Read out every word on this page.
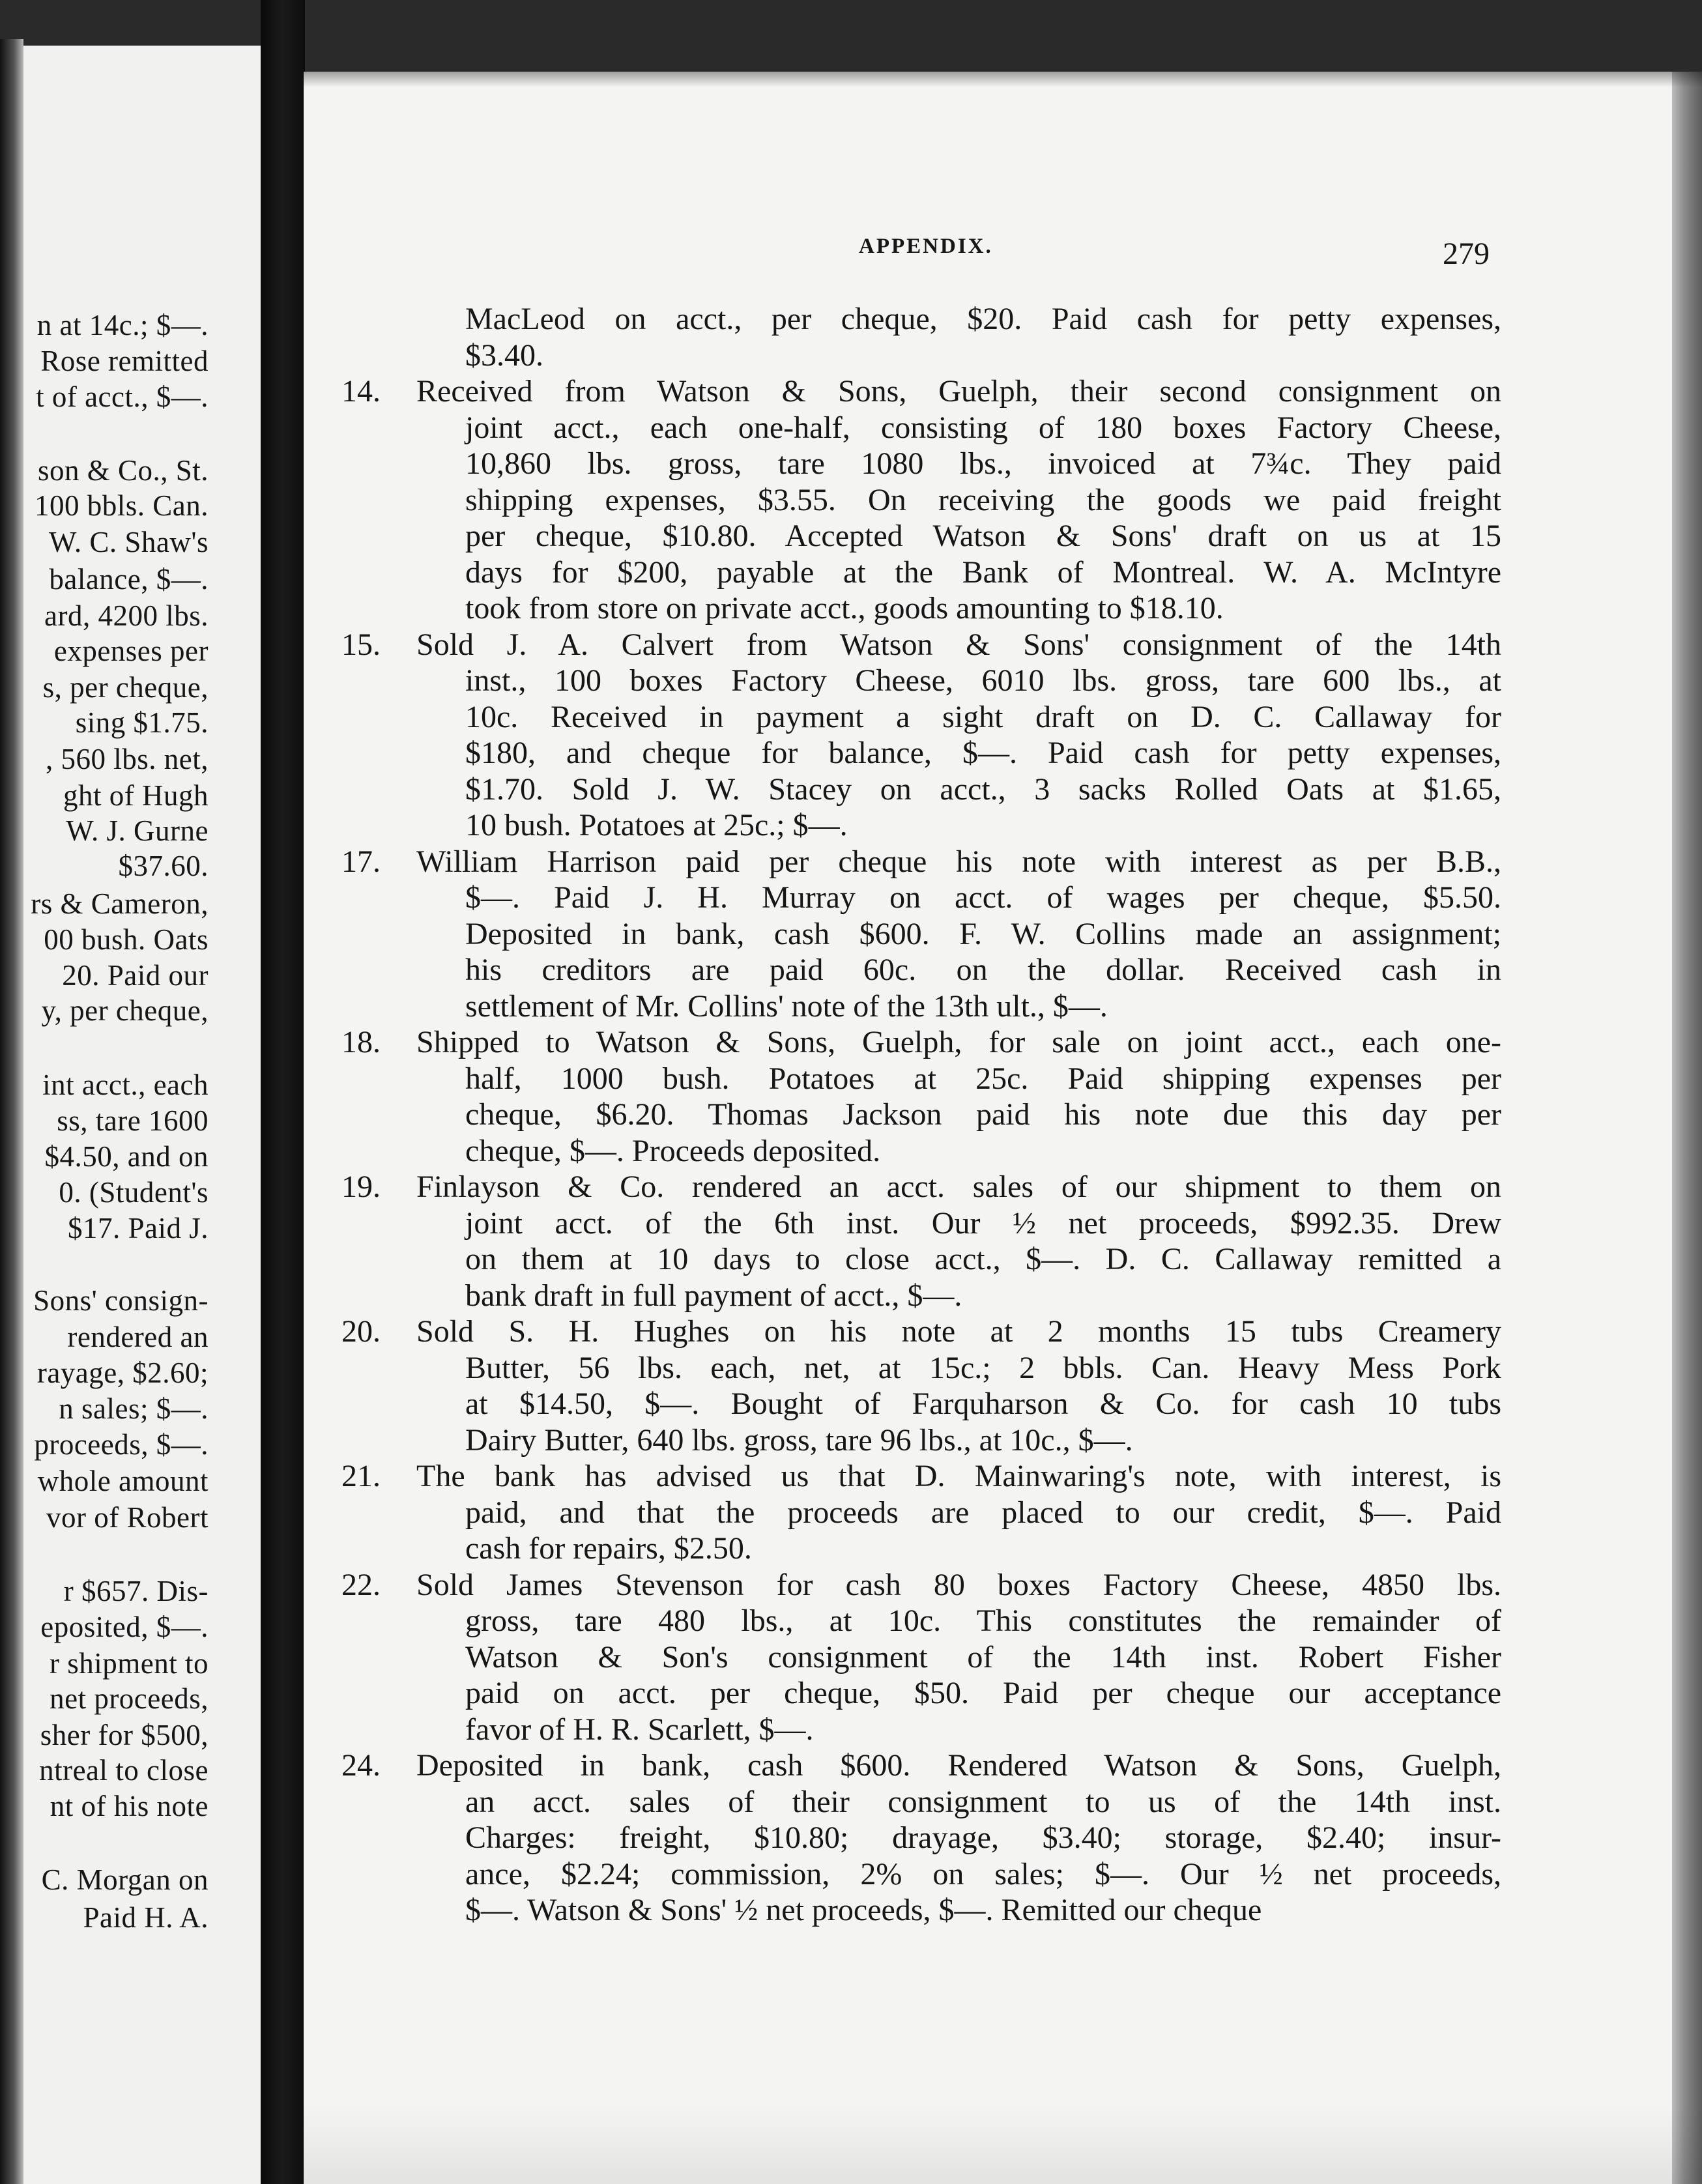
n at 14c.; $—.
Rose remitted
t of acct., $—.
son & Co., St.
100 bbls. Can.
W. C. Shaw's
balance, $—.
ard, 4200 lbs.
expenses per
s, per cheque,
sing $1.75.
, 560 lbs. net,
ght of Hugh
W. J. Gurne
$37.60.
rs & Cameron,
00 bush. Oats
20. Paid our
y, per cheque,
int acct., each
ss, tare 1600
$4.50, and on
0. (Student's
$17. Paid J.
Sons' consign-
rendered an
rayage, $2.60;
n sales; $—.
proceeds, $—.
whole amount
vor of Robert
r $657. Dis-
eposited, $—.
r shipment to
net proceeds,
sher for $500,
ntreal to close
nt of his note
C. Morgan on
Paid H. A.
APPENDIX.	279
MacLeod on acct., per cheque, $20. Paid cash for petty expenses,
$3.40.
14.	Received from Watson & Sons, Guelph, their second consignment on
joint acct., each one-half, consisting of 180 boxes Factory Cheese,
10,860 lbs. gross, tare 1080 lbs., invoiced at 7¾c. They paid
shipping expenses, $3.55. On receiving the goods we paid freight
per cheque, $10.80. Accepted Watson & Sons' draft on us at 15
days for $200, payable at the Bank of Montreal. W. A. McIntyre
took from store on private acct., goods amounting to $18.10.
15.	Sold J. A. Calvert from Watson & Sons' consignment of the 14th
inst., 100 boxes Factory Cheese, 6010 lbs. gross, tare 600 lbs., at
10c. Received in payment a sight draft on D. C. Callaway for
$180, and cheque for balance, $—. Paid cash for petty expenses,
$1.70. Sold J. W. Stacey on acct., 3 sacks Rolled Oats at $1.65,
10 bush. Potatoes at 25c.; $—.
17.	William Harrison paid per cheque his note with interest as per B.B.,
$—. Paid J. H. Murray on acct. of wages per cheque, $5.50.
Deposited in bank, cash $600. F. W. Collins made an assignment;
his creditors are paid 60c. on the dollar. Received cash in
settlement of Mr. Collins' note of the 13th ult., $—.
18.	Shipped to Watson & Sons, Guelph, for sale on joint acct., each one-
half, 1000 bush. Potatoes at 25c. Paid shipping expenses per
cheque, $6.20. Thomas Jackson paid his note due this day per
cheque, $—. Proceeds deposited.
19.	Finlayson & Co. rendered an acct. sales of our shipment to them on
joint acct. of the 6th inst. Our ½ net proceeds, $992.35. Drew
on them at 10 days to close acct., $—. D. C. Callaway remitted a
bank draft in full payment of acct., $—.
20.	Sold S. H. Hughes on his note at 2 months 15 tubs Creamery
Butter, 56 lbs. each, net, at 15c.; 2 bbls. Can. Heavy Mess Pork
at $14.50, $—. Bought of Farquharson & Co. for cash 10 tubs
Dairy Butter, 640 lbs. gross, tare 96 lbs., at 10c., $—.
21.	The bank has advised us that D. Mainwaring's note, with interest, is
paid, and that the proceeds are placed to our credit, $—. Paid
cash for repairs, $2.50.
22.	Sold James Stevenson for cash 80 boxes Factory Cheese, 4850 lbs.
gross, tare 480 lbs., at 10c. This constitutes the remainder of
Watson & Son's consignment of the 14th inst. Robert Fisher
paid on acct. per cheque, $50. Paid per cheque our acceptance
favor of H. R. Scarlett, $—.
24.	Deposited in bank, cash $600. Rendered Watson & Sons, Guelph,
an acct. sales of their consignment to us of the 14th inst.
Charges: freight, $10.80; drayage, $3.40; storage, $2.40; insur-
ance, $2.24; commission, 2% on sales; $—. Our ½ net proceeds,
$—. Watson & Sons' ½ net proceeds, $—. Remitted our cheque
